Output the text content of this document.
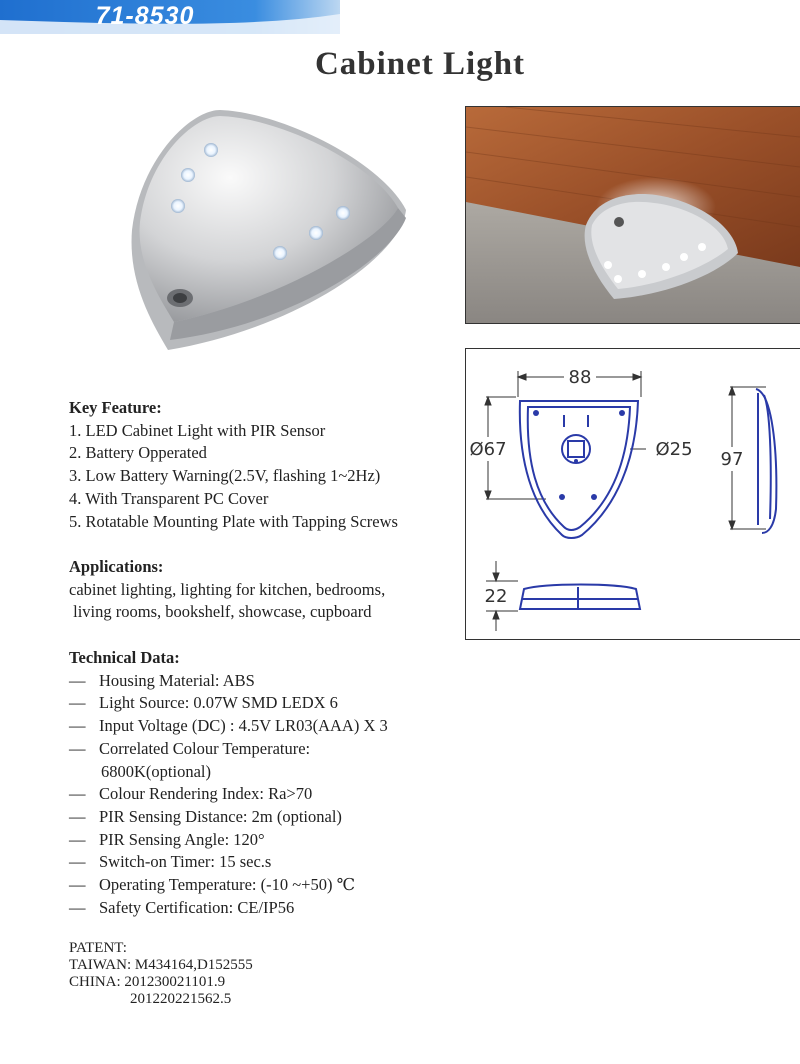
71-8530
Cabinet Light
88
Ø67	Ø25 97
22
Key Feature:
1. LED Cabinet Light with PIR Sensor
2. Battery Opperated
3. Low Battery Warning(2.5V, flashing 1~2Hz)
4. With Transparent PC Cover
5. Rotatable Mounting Plate with Tapping Screws
Applications:
cabinet lighting, lighting for kitchen, bedrooms,
living rooms, bookshelf, showcase, cupboard
Technical Data:
— Housing Material: ABS
— Light Source: 0.07W SMD LEDX 6
— Input Voltage (DC) : 4.5V LR03(AAA) X 3
— Correlated Colour Temperature:
6800K(optional)
— Colour Rendering Index: Ra>70
— PIR Sensing Distance: 2m (optional)
— PIR Sensing Angle: 120°
— Switch-on Timer: 15 sec.s
— Operating Temperature: (-10 ~+50) ℃
— Safety Certification: CE/IP56
PATENT:
TAIWAN: M434164,D152555
CHINA: 201230021101.9
201220221562.5
